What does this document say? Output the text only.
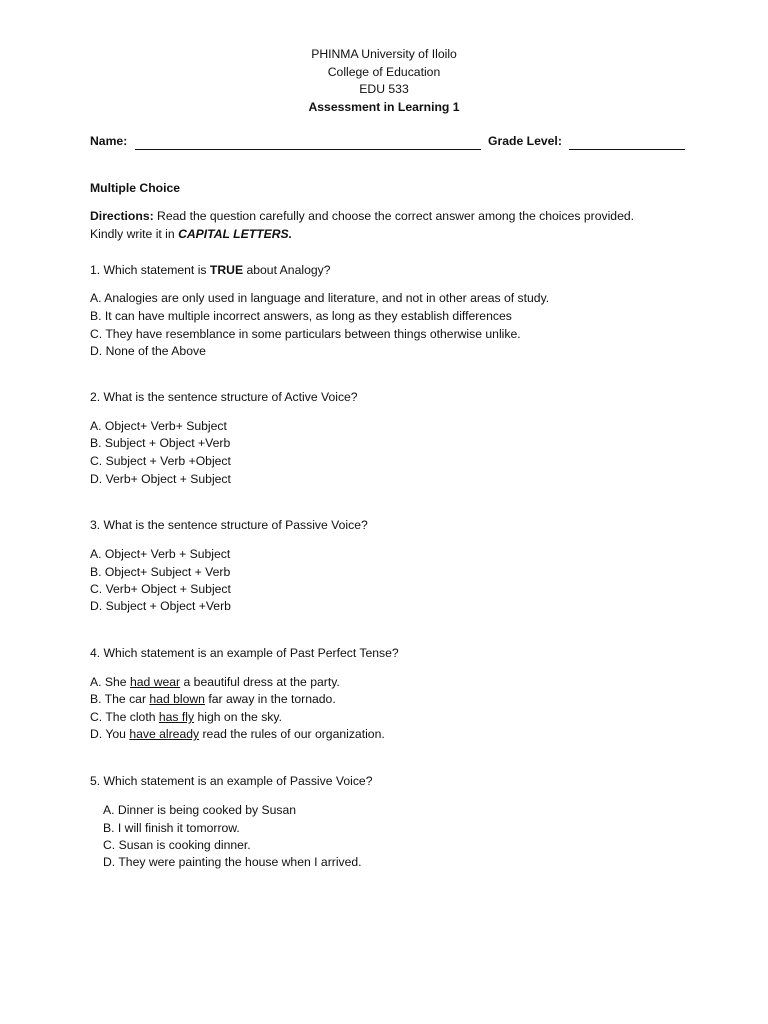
PHINMA University of Iloilo
College of Education
EDU 533
Assessment in Learning 1
Name:	Grade Level:
Multiple Choice
Directions: Read the question carefully and choose the correct answer among the choices provided.
Kindly write it in CAPITAL LETTERS.
1. Which statement is TRUE about Analogy?
A. Analogies are only used in language and literature, and not in other areas of study.
B. It can have multiple incorrect answers, as long as they establish differences
C. They have resemblance in some particulars between things otherwise unlike.
D. None of the Above
2. What is the sentence structure of Active Voice?
A. Object+ Verb+ Subject
B. Subject + Object +Verb
C. Subject + Verb +Object
D. Verb+ Object + Subject
3. What is the sentence structure of Passive Voice?
A. Object+ Verb + Subject
B. Object+ Subject + Verb
C. Verb+ Object + Subject
D. Subject + Object +Verb
4. Which statement is an example of Past Perfect Tense?
A. She had wear a beautiful dress at the party.
B. The car had blown far away in the tornado.
C. The cloth has fly high on the sky.
D. You have already read the rules of our organization.
5. Which statement is an example of Passive Voice?
A. Dinner is being cooked by Susan
B. I will finish it tomorrow.
C. Susan is cooking dinner.
D. They were painting the house when I arrived.
